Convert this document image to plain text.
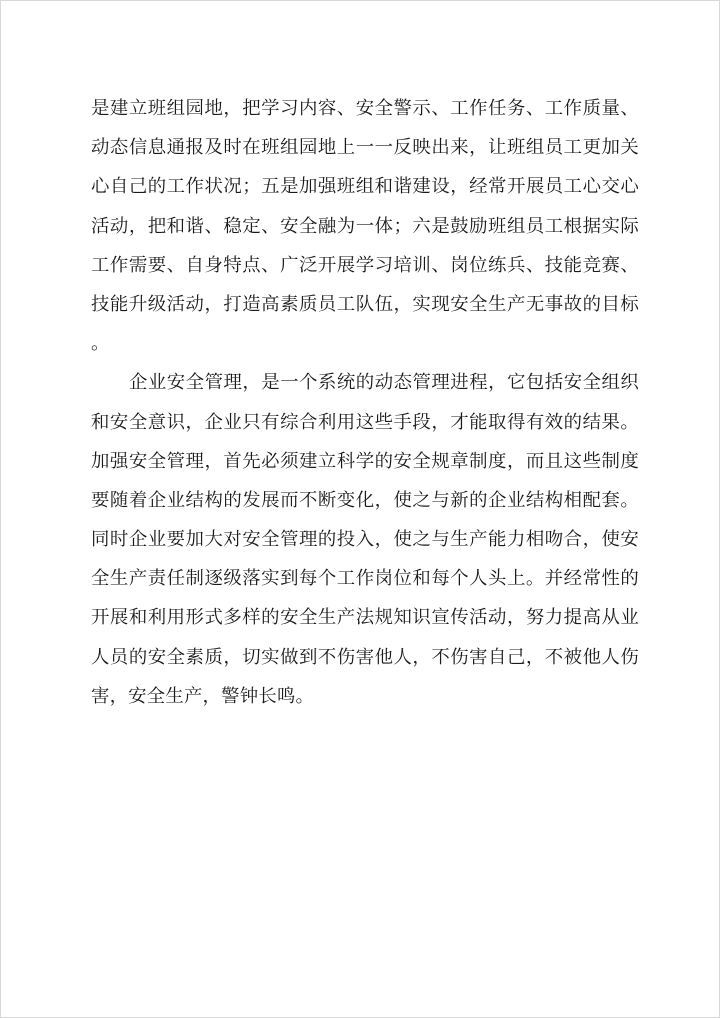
是建立班组园地，把学习内容、安全警示、工作任务、工作质量、
动态信息通报及时在班组园地上一一反映出来，让班组员工更加关
心自己的工作状况；五是加强班组和谐建设，经常开展员工心交心
活动，把和谐、稳定、安全融为一体；六是鼓励班组员工根据实际
工作需要、自身特点、广泛开展学习培训、岗位练兵、技能竞赛、
技能升级活动，打造高素质员工队伍，实现安全生产无事故的目标
。
企业安全管理，是一个系统的动态管理进程，它包括安全组织
和安全意识，企业只有综合利用这些手段，才能取得有效的结果。
加强安全管理，首先必须建立科学的安全规章制度，而且这些制度
要随着企业结构的发展而不断变化，使之与新的企业结构相配套。
同时企业要加大对安全管理的投入，使之与生产能力相吻合，使安
全生产责任制逐级落实到每个工作岗位和每个人头上。并经常性的
开展和利用形式多样的安全生产法规知识宣传活动，努力提高从业
人员的安全素质，切实做到不伤害他人，不伤害自己，不被他人伤
害，安全生产，警钟长鸣。
